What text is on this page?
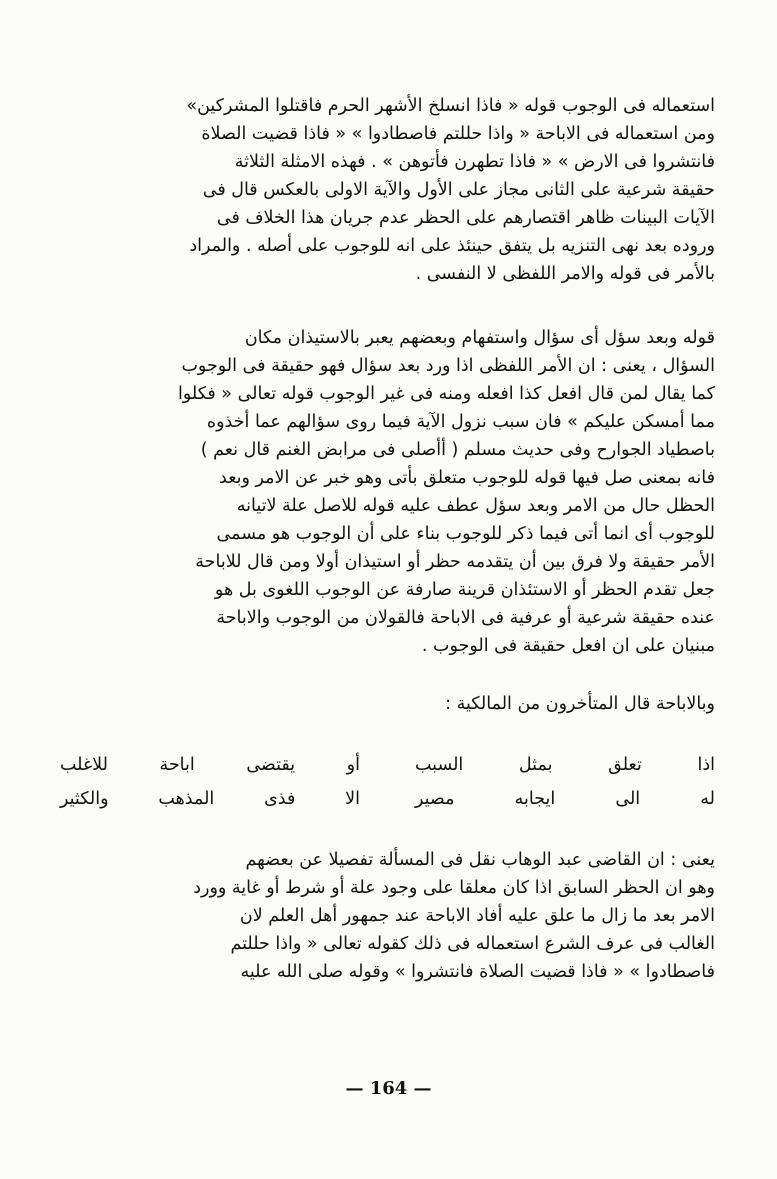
استعماله فى الوجوب قوله « فاذا انسلخ الأشهر الحرم فاقتلوا المشركين»
ومن استعماله فى الاباحة « واذا حللتم فاصطادوا » « فاذا قضيت الصلاة
فانتشروا فى الارض » « فاذا تطهرن فأتوهن » . فهذه الامثلة الثلاثة
حقيقة شرعية على الثانى مجاز على الأول والآية الاولى بالعكس قال فى
الآيات البينات ظاهر اقتصارهم على الحظر عدم جريان هذا الخلاف فى
وروده بعد نهى التنزيه بل يتفق حينئذ على انه للوجوب على أصله . والمراد
بالأمر فى قوله والامر اللفظى لا النفسى .
قوله وبعد سؤل أى سؤال واستفهام وبعضهم يعبر بالاستيذان مكان
السؤال ، يعنى : ان الأمر اللفظى اذا ورد بعد سؤال فهو حقيقة فى الوجوب
كما يقال لمن قال افعل كذا افعله ومنه فى غير الوجوب قوله تعالى « فكلوا
مما أمسكن عليكم » فان سبب نزول الآية فيما روى سؤالهم عما أخذوه
باصطياد الجوارح وفى حديث مسلم ( أأصلى فى مرابض الغنم قال نعم )
فانه بمعنى صل فيها قوله للوجوب متعلق بأتى وهو خبر عن الامر وبعد
الحظل حال من الامر وبعد سؤل عطف عليه قوله للاصل علة لاتيانه
للوجوب أى انما أتى فيما ذكر للوجوب بناء على أن الوجوب هو مسمى
الأمر حقيقة ولا فرق بين أن يتقدمه حظر أو استيذان أولا ومن قال للاباحة
جعل تقدم الحظر أو الاستئذان قرينة صارفة عن الوجوب اللغوى بل هو
عنده حقيقة شرعية أو عرفية فى الاباحة فالقولان من الوجوب والاباحة
مبنيان على ان افعل حقيقة فى الوجوب .
وبالاباحة قال المتأخرون من المالكية :
أو يقتضى اباحة للاغلب	اذا تعلق بمثل السبب
الا فذى المذهب والكثير	له الى ايجابه مصير
يعنى : ان القاضى عبد الوهاب نقل فى المسألة تفصيلا عن بعضهم
وهو ان الحظر السابق اذا كان معلقا على وجود علة أو شرط أو غاية وورد
الامر بعد ما زال ما علق عليه أفاد الاباحة عند جمهور أهل العلم لان
الغالب فى عرف الشرع استعماله فى ذلك كقوله تعالى « واذا حللتم
فاصطادوا » « فاذا قضيت الصلاة فانتشروا » وقوله صلى الله عليه
— 164 —
